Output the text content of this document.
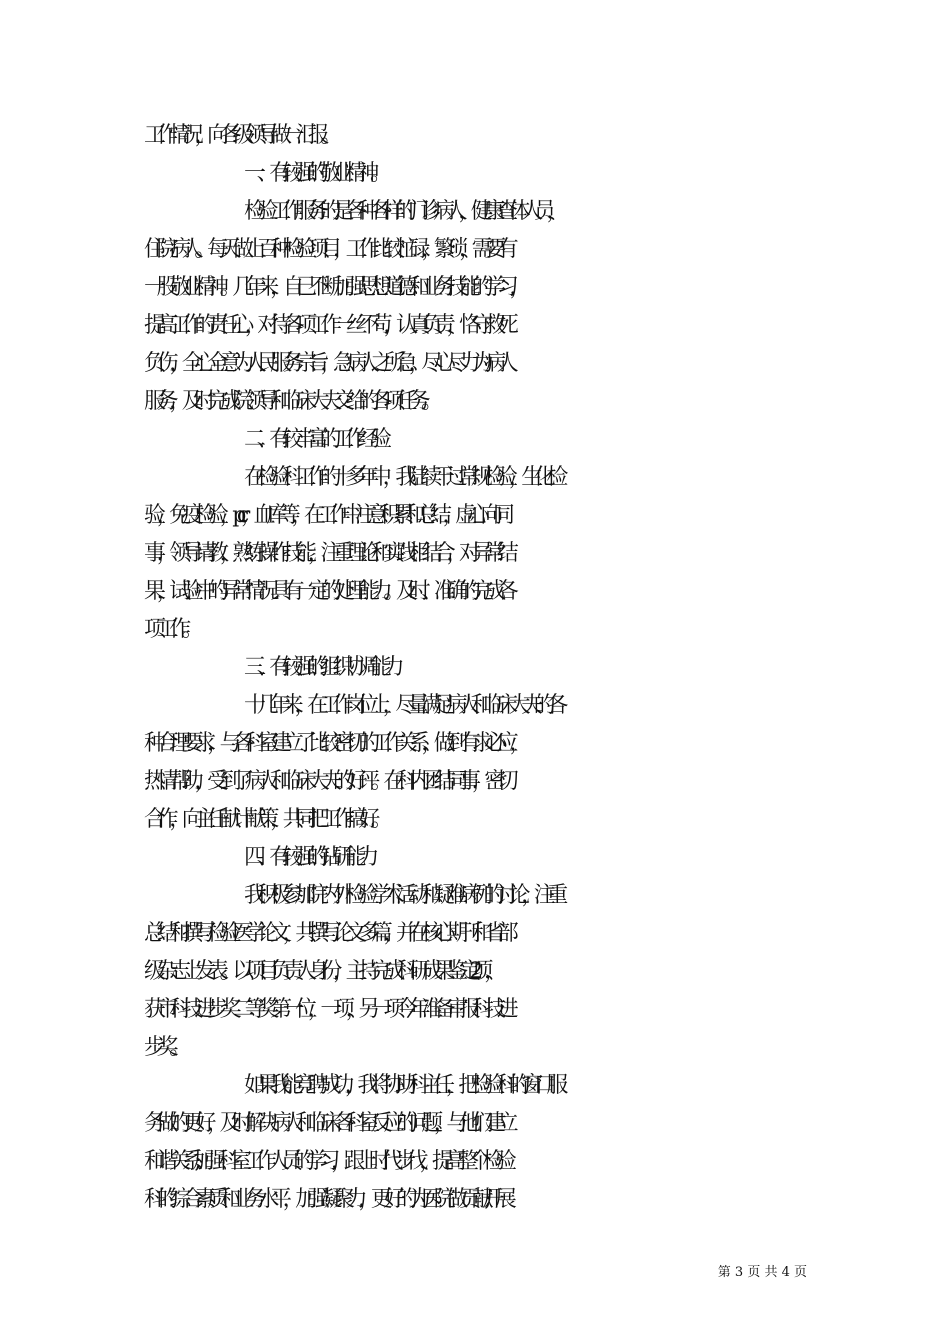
工作情况，向各级领导做一汇报。
一、有较强的敬业精神。
检验工作服务的是各种各样的门诊病人，健康查体人员，
住院病人。每天做上百种检验项目，工作比较忙碌，繁琐，需要有
一股敬业精神。几年来，自己不断加强思想道德和业务技能的学习，
提高工作的责任心，对待各项工作一丝不苟，认真负责，恪守救死
负伤，全心全意为人民服务宗旨，急病人之所急，尽心尽力为病人
服务，及时完成院领导和临床大夫交给的各项任务。
二、有较丰富的工作经验
在检验科工作的十多年中，我陆续干过常规检验，生化检
验，免疫检验，pcr，血库等，在工作中注意积累和总结，虚心向同
事，领导请教，熟练操作技能，注重理论和实践相结合，对异常结
果，试验中的异常情况具有一定的处理能力。及时、准确的完成各
项工作。
三、有较强的组织协调能力
十几年来，在工作岗位上，尽量满足病人和临床大夫的各
种合理要求，与各科室建立了比较密切的工作关系，做到有求必应，
热情帮助，受到了病人和临床大夫的好评。在科内团结同事，密切
合作，向主任献计献策，共同把工作搞好。
四、有较强的钻研能力
我积极参加院内外检验学术活动和疑难病例的讨论，注重
总结和撰写检验医学论文，共撰写论文多篇，并在核心期刊和省部
级杂志上发表。以项目负责人身份，主持完成科研成果鉴定 2 项，
获市科技进步奖二等奖第一位，一项，另一项今年准备审报科技进
步奖。
如果我能竞聘成功，我将协助科主任，把检验科的窗口服
务做的更好，及时解决病人和临床各科室反应的问题，与他们建立
和谐关系;加强科室工作人员的学习，跟上时代步伐，提高整个检验
科的综合素质和业务水平，加强凝聚力，更好的为医院做贡献;开展
第 3 页 共 4 页
